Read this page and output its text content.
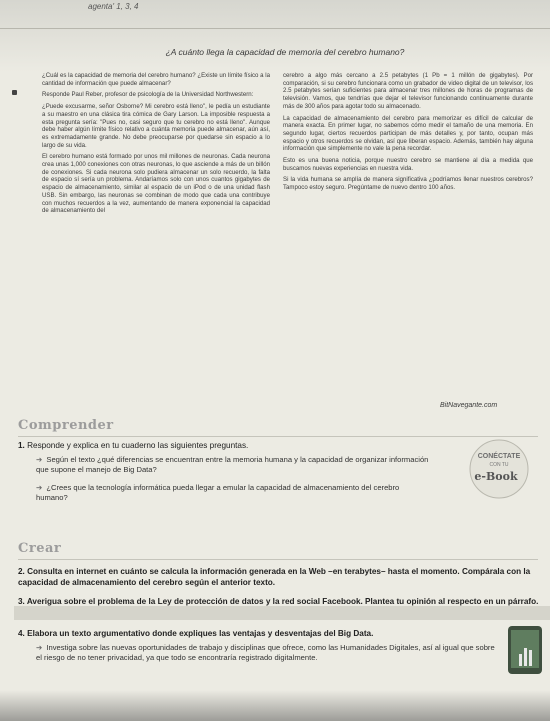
agenta' 1, 3, 4
¿A cuánto llega la capacidad de memoria del cerebro humano?

¿Cuál es la capacidad de memoria del cerebro humano? ¿Existe un límite físico a la cantidad de información que puede almacenar?

Responde Paul Reber, profesor de psicología de la Universidad Northwestern:

¿Puede excusarme, señor Osborne? Mi cerebro está lleno", le pedía un estudiante a su maestro en una clásica tira cómica de Gary Larson. La imposible respuesta a esta pregunta sería: "Pues no, casi seguro que tu cerebro no está lleno". Aunque debe haber algún límite físico relativo a cuánta memoria puede almacenar, aún así, es extremadamente grande. No debe preocuparse por quedarse sin espacio a lo largo de su vida.

El cerebro humano está formado por unos mil millones de neuronas. Cada neurona crea unas 1,000 conexiones con otras neuronas, lo que asciende a más de un billón de conexiones. Si cada neurona solo pudiera almacenar un solo recuerdo, la falta de espacio sí sería un problema. Andaríamos solo con unos cuantos gigabytes de espacio de almacenamiento, similar al espacio de un iPod o de una unidad flash USB. Sin embargo, las neuronas se combinan de modo que cada una contribuye con muchos recuerdos a la vez, aumentando de manera exponencial la capacidad de almacenamiento del

cerebro a algo más cercano a 2.5 petabytes (1 Pb = 1 millón de gigabytes). Por comparación, si su cerebro funcionara como un grabador de video digital de un televisor, los 2.5 petabytes serían suficientes para almacenar tres millones de horas de programas de televisión. Vamos, que tendrías que dejar el televisor funcionando continuamente durante más de 300 años para agotar todo su almacenado.

La capacidad de almacenamiento del cerebro para memorizar es difícil de calcular de manera exacta. En primer lugar, no sabemos cómo medir el tamaño de una memoria. En segundo lugar, ciertos recuerdos participan de más detalles y, por tanto, ocupan más espacio y otros recuerdos se olvidan, así que liberan espacio. Además, también hay alguna información que simplemente no vale la pena recordar.

Esto es una buena noticia, porque nuestro cerebro se mantiene al día a medida que buscamos nuevas experiencias en nuestra vida.

Si la vida humana se amplía de manera significativa ¿podríamos llenar nuestros cerebros? Tampoco estoy seguro. Pregúntame de nuevo dentro 100 años.

BitNavegante.com
Comprender
CONÉCTATE
CON TU
e-Book
1. Responde y explica en tu cuaderno las siguientes preguntas.
➔ Según el texto ¿qué diferencias se encuentran entre la memoria humana y la capacidad de organizar información que supone el manejo de Big Data?
➔ ¿Crees que la tecnología informática pueda llegar a emular la capacidad de almacenamiento del cerebro humano?
Crear
2. Consulta en internet en cuánto se calcula la información generada en la Web –en terabytes– hasta el momento. Compárala con la capacidad de almacenamiento del cerebro según el anterior texto.
3. Averigua sobre el problema de la Ley de protección de datos y la red social Facebook. Plantea tu opinión al respecto en un párrafo.
4. Elabora un texto argumentativo donde expliques las ventajas y desventajas del Big Data.
➔ Investiga sobre las nuevas oportunidades de trabajo y disciplinas que ofrece, como las Humanidades Digitales, así al igual que sobre el riesgo de no tener privacidad, ya que todo se encontraría registrado digitalmente.
